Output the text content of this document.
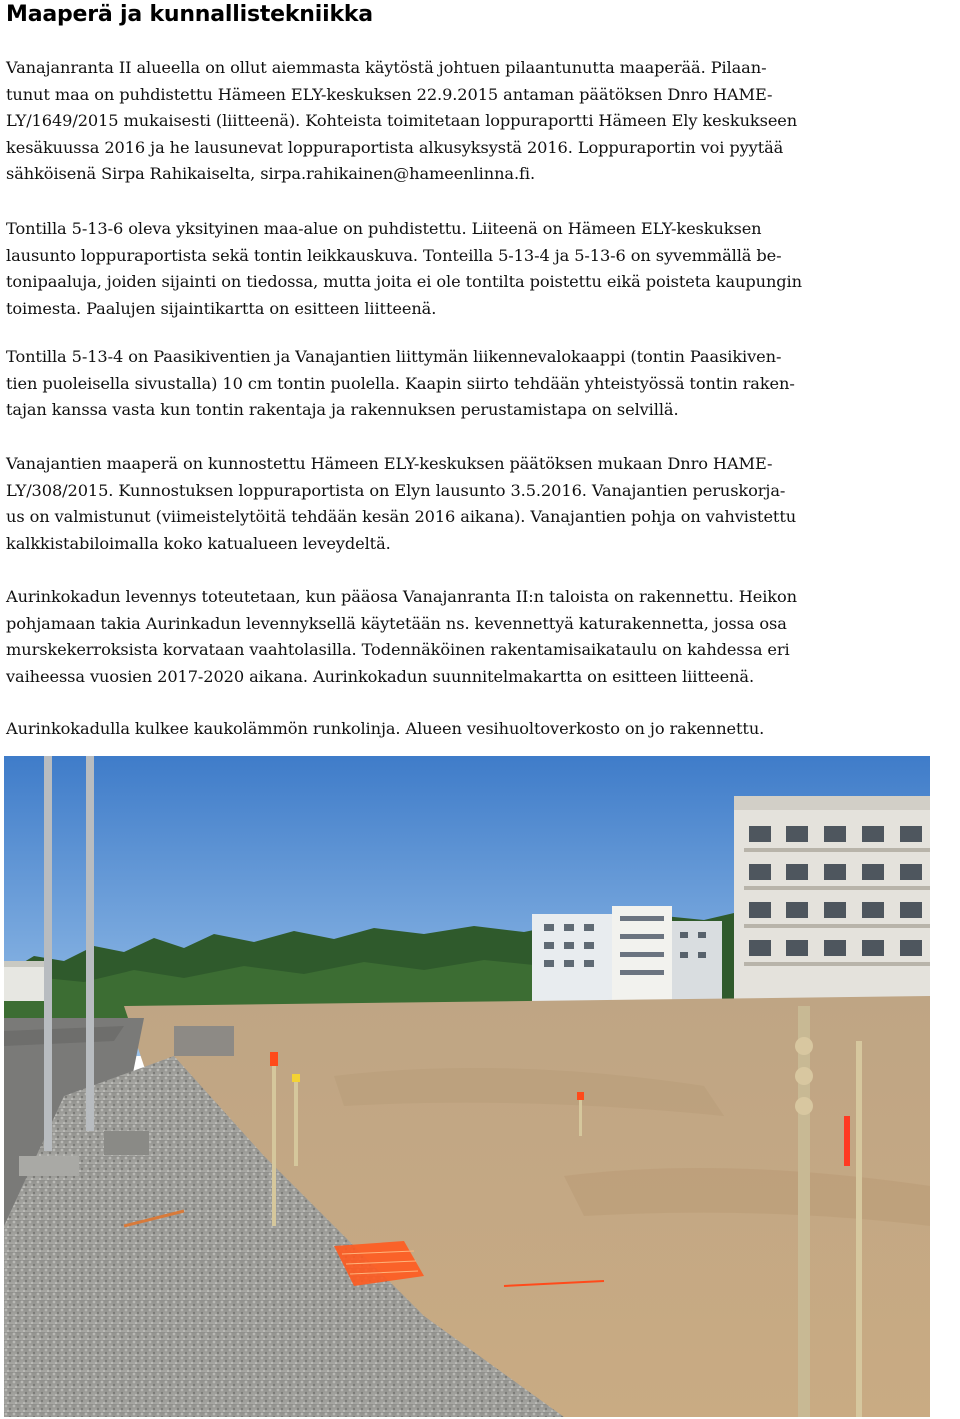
Maaperä ja kunnallistekniikka
Vanajanranta II alueella on ollut aiemmasta käytöstä johtuen pilaantunutta maaperää. Pilaan-
tunut maa on puhdistettu Hämeen ELY-keskuksen 22.9.2015 antaman päätöksen Dnro HAME-
LY/1649/2015 mukaisesti (liitteenä). Kohteista toimitetaan loppuraportti Hämeen Ely keskukseen
kesäkuussa 2016 ja he lausunevat loppuraportista alkusyksystä 2016. Loppuraportin voi pyytää
sähköisenä Sirpa Rahikaiselta, sirpa.rahikainen@hameenlinna.fi.
Tontilla 5-13-6 oleva yksityinen maa-alue on puhdistettu. Liiteenä on Hämeen ELY-keskuksen
lausunto loppuraportista sekä tontin leikkauskuva. Tonteilla 5-13-4 ja 5-13-6 on syvemmällä be-
tonipaaluja, joiden sijainti on tiedossa, mutta joita ei ole tontilta poistettu eikä poisteta kaupungin
toimesta. Paalujen sijaintikartta on esitteen liitteenä.
Tontilla 5-13-4 on Paasikiventien ja Vanajantien liittymän liikennevalokaappi (tontin Paasikiven-
tien puoleisella sivustalla) 10 cm tontin puolella. Kaapin siirto tehdään yhteistyössä tontin raken-
tajan kanssa vasta kun tontin rakentaja ja rakennuksen perustamistapa on selvillä.
Vanajantien maaperä on kunnostettu Hämeen ELY-keskuksen päätöksen mukaan Dnro HAME-
LY/308/2015. Kunnostuksen loppuraportista on Elyn lausunto 3.5.2016. Vanajantien peruskorja-
us on valmistunut (viimeistelytöitä tehdään kesän 2016 aikana). Vanajantien pohja on vahvistettu
kalkkistabiloimalla koko katualueen leveydeltä.
Aurinkokadun levennys toteutetaan, kun pääosa Vanajanranta II:n taloista on rakennettu. Heikon
pohjamaan takia Aurinkadun levennyksellä käytetään ns. kevennettyä katurakennetta, jossa osa
murskekerroksista korvataan vaahtolasilla. Todennäköinen rakentamisaikataulu on kahdessa eri
vaiheessa vuosien 2017-2020 aikana. Aurinkokadun suunnitelmakartta on esitteen liitteenä.
Aurinkokadulla kulkee kaukolämmön runkolinja. Alueen vesihuoltoverkosto on jo rakennettu.
